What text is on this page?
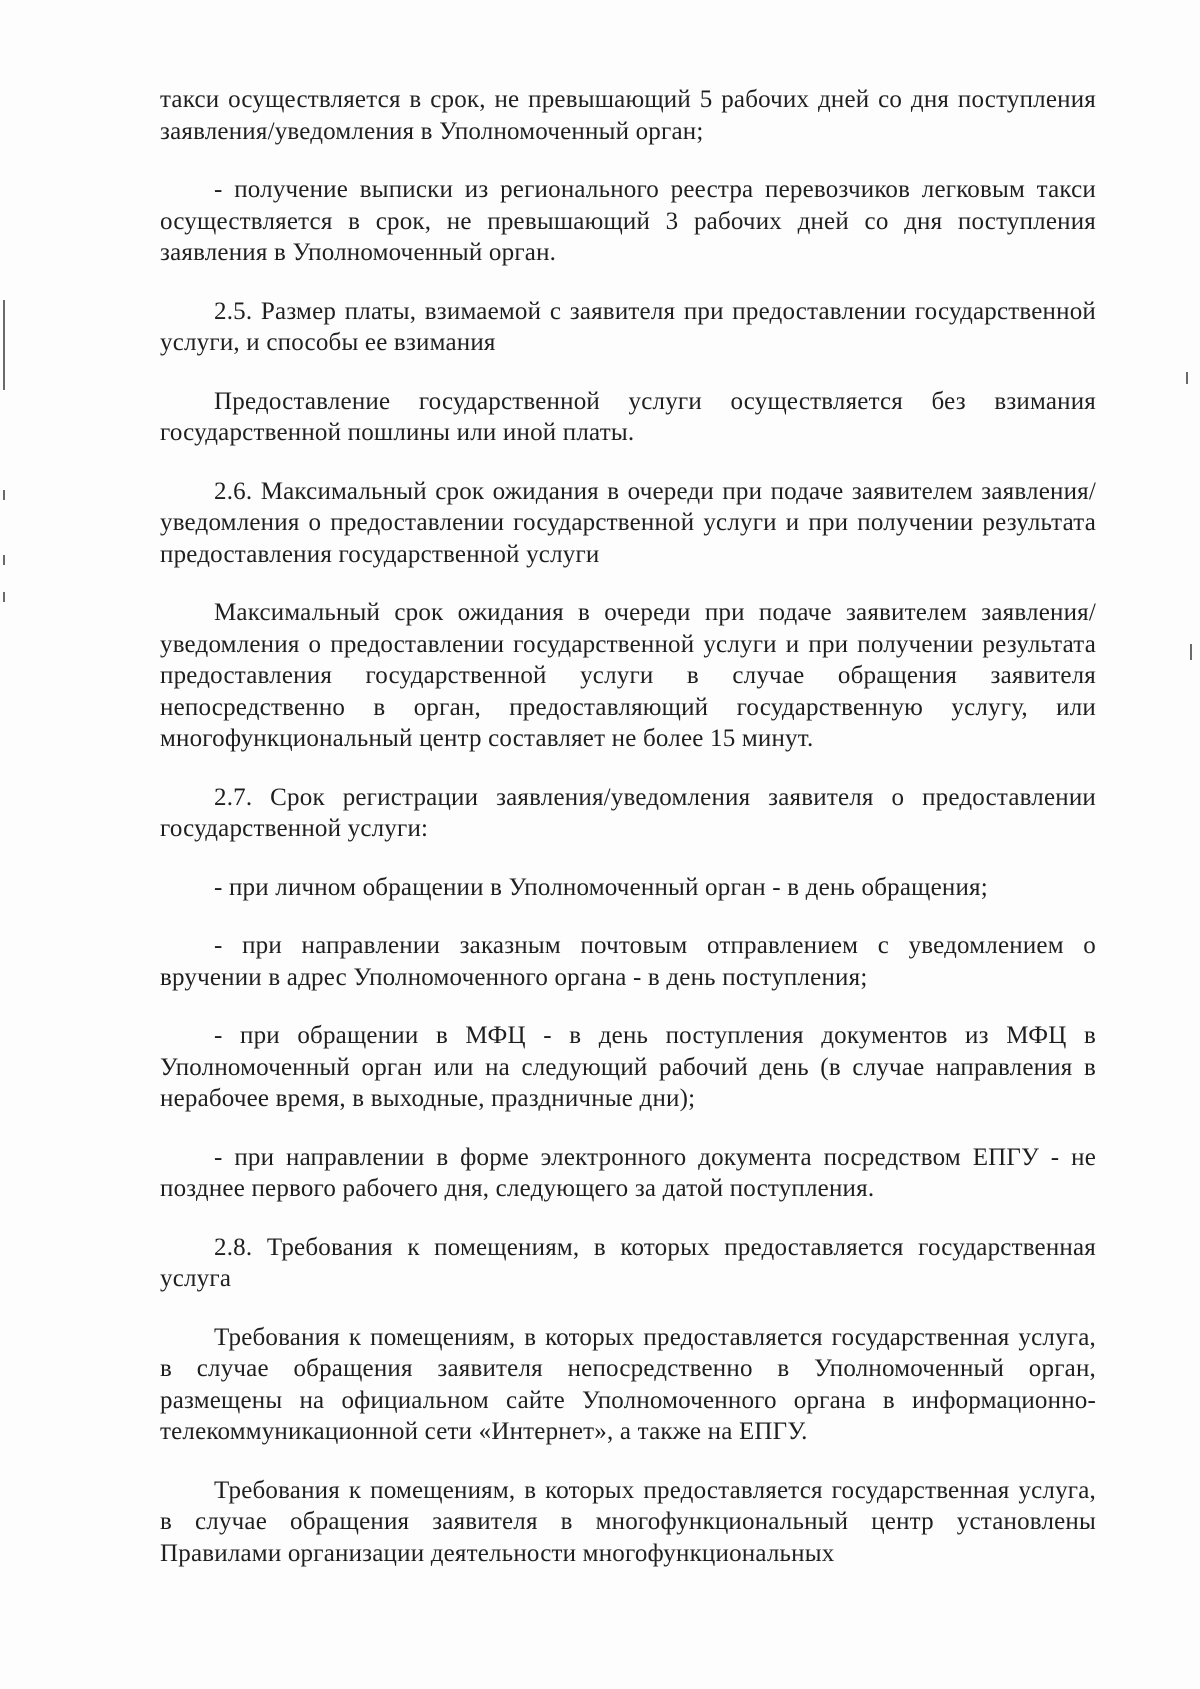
такси осуществляется в срок, не превышающий 5 рабочих дней со дня поступления заявления/уведомления в Уполномоченный орган;

- получение выписки из регионального реестра перевозчиков легковым такси осуществляется в срок, не превышающий 3 рабочих дней со дня поступления заявления в Уполномоченный орган.

2.5. Размер платы, взимаемой с заявителя при предоставлении государственной услуги, и способы ее взимания

Предоставление государственной услуги осуществляется без взимания государственной пошлины или иной платы.

2.6. Максимальный срок ожидания в очереди при подаче заявителем заявления/уведомления о предоставлении государственной услуги и при получении результата предоставления государственной услуги

Максимальный срок ожидания в очереди при подаче заявителем заявления/уведомления о предоставлении государственной услуги и при получении результата предоставления государственной услуги в случае обращения заявителя непосредственно в орган, предоставляющий государственную услугу, или многофункциональный центр составляет не более 15 минут.

2.7. Срок регистрации заявления/уведомления заявителя о предоставлении государственной услуги:

- при личном обращении в Уполномоченный орган - в день обращения;

- при направлении заказным почтовым отправлением с уведомлением о вручении в адрес Уполномоченного органа - в день поступления;

- при обращении в МФЦ - в день поступления документов из МФЦ в Уполномоченный орган или на следующий рабочий день (в случае направления в нерабочее время, в выходные, праздничные дни);

- при направлении в форме электронного документа посредством ЕПГУ - не позднее первого рабочего дня, следующего за датой поступления.

2.8. Требования к помещениям, в которых предоставляется государственная услуга

Требования к помещениям, в которых предоставляется государственная услуга, в случае обращения заявителя непосредственно в Уполномоченный орган, размещены на официальном сайте Уполномоченного органа в информационно-телекоммуникационной сети «Интернет», а также на ЕПГУ.

Требования к помещениям, в которых предоставляется государственная услуга, в случае обращения заявителя в многофункциональный центр установлены Правилами организации деятельности многофункциональных
